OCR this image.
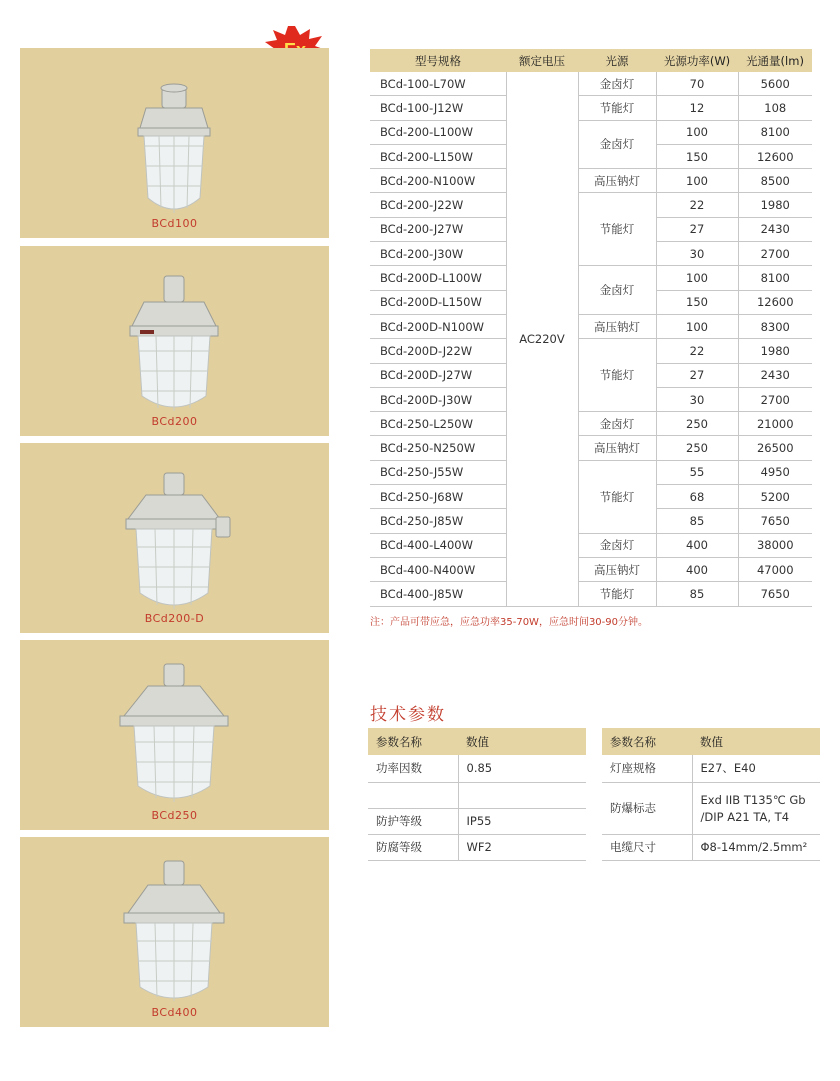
BCd100
BCd200
BCd200-D
BCd250
BCd400
型号规格	额定电压	光源	光源功率(W)	光通量(lm)
BCd-100-L70W	AC220V	金卤灯	70	5600
BCd-100-J12W		节能灯	12	108
BCd-200-L100W		金卤灯	100	8100
BCd-200-L150W			150	12600
BCd-200-N100W		高压钠灯	100	8500
BCd-200-J22W		节能灯	22	1980
BCd-200-J27W			27	2430
BCd-200-J30W			30	2700
BCd-200D-L100W		金卤灯	100	8100
BCd-200D-L150W			150	12600
BCd-200D-N100W		高压钠灯	100	8300
BCd-200D-J22W		节能灯	22	1980
BCd-200D-J27W			27	2430
BCd-200D-J30W			30	2700
BCd-250-L250W		金卤灯	250	21000
BCd-250-N250W		高压钠灯	250	26500
BCd-250-J55W		节能灯	55	4950
BCd-250-J68W			68	5200
BCd-250-J85W			85	7650
BCd-400-L400W		金卤灯	400	38000
BCd-400-N400W		高压钠灯	400	47000
BCd-400-J85W		节能灯	85	7650
注：产品可带应急，应急功率35-70W，应急时间30-90分钟。
技术参数
参数名称	数值
功率因数	0.85

防护等级	IP55
防腐等级	WF2
参数名称	数值
灯座规格	E27、E40
防爆标志	Exd IIB T135℃ Gb
/DIP A21 TA, T4

电缆尺寸	Φ8-14mm/2.5mm²
